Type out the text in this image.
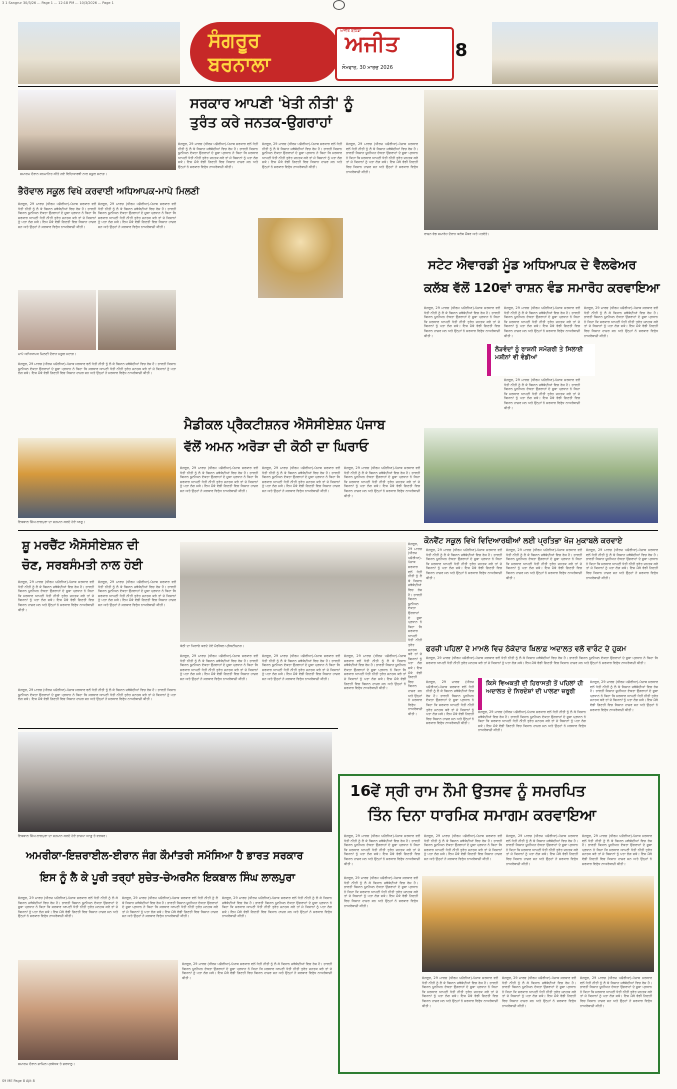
3 1 Sangrur 30/3/26 ... Page 1 ... 12:18 PM ... 10/3/2026 ... Page 1
ਸੰਗਰੂਰ
ਬਰਨਾਲਾ
ਅਜੀਤ ਬਠਿੰਡਾ
ਅਜੀਤ
ਸੋਮਵਾਰ, 30 ਮਾਰਚ 2026
8
ਸਮਾਗਮ ਦੌਰਾਨ ਸਨਮਾਨਿਤ ਕੀਤੇ ਗਏ ਵਿਦਿਆਰਥੀ ਨਾਲ ਸਕੂਲ ਸਟਾਫ਼।
ਸਰਕਾਰ ਆਪਣੀ 'ਖੇਤੀ ਨੀਤੀ' ਨੂੰ
ਤੁਰੰਤ ਕਰੇ ਜਨਤਕ-ਉਗਰਾਹਾਂ
ਸੰਗਰੂਰ, 29 ਮਾਰਚ (ਧੀਰਜ ਪਸ਼ੌਰੀਆ)-ਪੰਜਾਬ ਸਰਕਾਰ ਵਲੋਂ ਖੇਤੀ ਨੀਤੀ ਨੂੰ ਲੈ ਕੇ ਕਿਸਾਨ ਜਥੇਬੰਦੀਆਂ ਵਿਚ ਰੋਸ ਹੈ। ਭਾਰਤੀ ਕਿਸਾਨ ਯੂਨੀਅਨ ਏਕਤਾ ਉਗਰਾਹਾਂ ਦੇ ਸੂਬਾ ਪ੍ਰਧਾਨ ਨੇ ਕਿਹਾ ਕਿ ਸਰਕਾਰ ਆਪਣੀ ਖੇਤੀ ਨੀਤੀ ਤੁਰੰਤ ਜਨਤਕ ਕਰੇ ਤਾਂ ਜੋ ਕਿਸਾਨਾਂ ਨੂੰ ਪਤਾ ਲੱਗ ਸਕੇ। ਇਸ ਮੌਕੇ ਵੱਡੀ ਗਿਣਤੀ ਵਿਚ ਕਿਸਾਨ ਹਾਜ਼ਰ ਸਨ ਅਤੇ ਉਨ੍ਹਾਂ ਨੇ ਸਰਕਾਰ ਵਿਰੁੱਧ ਨਾਅਰੇਬਾਜ਼ੀ ਕੀਤੀ।
ਸੰਗਰੂਰ, 29 ਮਾਰਚ (ਧੀਰਜ ਪਸ਼ੌਰੀਆ)-ਪੰਜਾਬ ਸਰਕਾਰ ਵਲੋਂ ਖੇਤੀ ਨੀਤੀ ਨੂੰ ਲੈ ਕੇ ਕਿਸਾਨ ਜਥੇਬੰਦੀਆਂ ਵਿਚ ਰੋਸ ਹੈ। ਭਾਰਤੀ ਕਿਸਾਨ ਯੂਨੀਅਨ ਏਕਤਾ ਉਗਰਾਹਾਂ ਦੇ ਸੂਬਾ ਪ੍ਰਧਾਨ ਨੇ ਕਿਹਾ ਕਿ ਸਰਕਾਰ ਆਪਣੀ ਖੇਤੀ ਨੀਤੀ ਤੁਰੰਤ ਜਨਤਕ ਕਰੇ ਤਾਂ ਜੋ ਕਿਸਾਨਾਂ ਨੂੰ ਪਤਾ ਲੱਗ ਸਕੇ। ਇਸ ਮੌਕੇ ਵੱਡੀ ਗਿਣਤੀ ਵਿਚ ਕਿਸਾਨ ਹਾਜ਼ਰ ਸਨ ਅਤੇ ਉਨ੍ਹਾਂ ਨੇ ਸਰਕਾਰ ਵਿਰੁੱਧ ਨਾਅਰੇਬਾਜ਼ੀ ਕੀਤੀ।
ਸੰਗਰੂਰ, 29 ਮਾਰਚ (ਧੀਰਜ ਪਸ਼ੌਰੀਆ)-ਪੰਜਾਬ ਸਰਕਾਰ ਵਲੋਂ ਖੇਤੀ ਨੀਤੀ ਨੂੰ ਲੈ ਕੇ ਕਿਸਾਨ ਜਥੇਬੰਦੀਆਂ ਵਿਚ ਰੋਸ ਹੈ। ਭਾਰਤੀ ਕਿਸਾਨ ਯੂਨੀਅਨ ਏਕਤਾ ਉਗਰਾਹਾਂ ਦੇ ਸੂਬਾ ਪ੍ਰਧਾਨ ਨੇ ਕਿਹਾ ਕਿ ਸਰਕਾਰ ਆਪਣੀ ਖੇਤੀ ਨੀਤੀ ਤੁਰੰਤ ਜਨਤਕ ਕਰੇ ਤਾਂ ਜੋ ਕਿਸਾਨਾਂ ਨੂੰ ਪਤਾ ਲੱਗ ਸਕੇ। ਇਸ ਮੌਕੇ ਵੱਡੀ ਗਿਣਤੀ ਵਿਚ ਕਿਸਾਨ ਹਾਜ਼ਰ ਸਨ ਅਤੇ ਉਨ੍ਹਾਂ ਨੇ ਸਰਕਾਰ ਵਿਰੁੱਧ ਨਾਅਰੇਬਾਜ਼ੀ ਕੀਤੀ।
ਭੈਰੋਵਾਲ ਸਕੂਲ ਵਿਖੇ ਕਰਵਾਈ ਅਧਿਆਪਕ-ਮਾਪੇ ਮਿਲਣੀ
ਸੰਗਰੂਰ, 29 ਮਾਰਚ (ਧੀਰਜ ਪਸ਼ੌਰੀਆ)-ਪੰਜਾਬ ਸਰਕਾਰ ਵਲੋਂ ਖੇਤੀ ਨੀਤੀ ਨੂੰ ਲੈ ਕੇ ਕਿਸਾਨ ਜਥੇਬੰਦੀਆਂ ਵਿਚ ਰੋਸ ਹੈ। ਭਾਰਤੀ ਕਿਸਾਨ ਯੂਨੀਅਨ ਏਕਤਾ ਉਗਰਾਹਾਂ ਦੇ ਸੂਬਾ ਪ੍ਰਧਾਨ ਨੇ ਕਿਹਾ ਕਿ ਸਰਕਾਰ ਆਪਣੀ ਖੇਤੀ ਨੀਤੀ ਤੁਰੰਤ ਜਨਤਕ ਕਰੇ ਤਾਂ ਜੋ ਕਿਸਾਨਾਂ ਨੂੰ ਪਤਾ ਲੱਗ ਸਕੇ। ਇਸ ਮੌਕੇ ਵੱਡੀ ਗਿਣਤੀ ਵਿਚ ਕਿਸਾਨ ਹਾਜ਼ਰ ਸਨ ਅਤੇ ਉਨ੍ਹਾਂ ਨੇ ਸਰਕਾਰ ਵਿਰੁੱਧ ਨਾਅਰੇਬਾਜ਼ੀ ਕੀਤੀ।
ਸੰਗਰੂਰ, 29 ਮਾਰਚ (ਧੀਰਜ ਪਸ਼ੌਰੀਆ)-ਪੰਜਾਬ ਸਰਕਾਰ ਵਲੋਂ ਖੇਤੀ ਨੀਤੀ ਨੂੰ ਲੈ ਕੇ ਕਿਸਾਨ ਜਥੇਬੰਦੀਆਂ ਵਿਚ ਰੋਸ ਹੈ। ਭਾਰਤੀ ਕਿਸਾਨ ਯੂਨੀਅਨ ਏਕਤਾ ਉਗਰਾਹਾਂ ਦੇ ਸੂਬਾ ਪ੍ਰਧਾਨ ਨੇ ਕਿਹਾ ਕਿ ਸਰਕਾਰ ਆਪਣੀ ਖੇਤੀ ਨੀਤੀ ਤੁਰੰਤ ਜਨਤਕ ਕਰੇ ਤਾਂ ਜੋ ਕਿਸਾਨਾਂ ਨੂੰ ਪਤਾ ਲੱਗ ਸਕੇ। ਇਸ ਮੌਕੇ ਵੱਡੀ ਗਿਣਤੀ ਵਿਚ ਕਿਸਾਨ ਹਾਜ਼ਰ ਸਨ ਅਤੇ ਉਨ੍ਹਾਂ ਨੇ ਸਰਕਾਰ ਵਿਰੁੱਧ ਨਾਅਰੇਬਾਜ਼ੀ ਕੀਤੀ।
ਮਾਪੇ ਅਧਿਆਪਕ ਮਿਲਣੀ ਦੌਰਾਨ ਸਕੂਲ ਸਟਾਫ਼।
ਸੰਗਰੂਰ, 29 ਮਾਰਚ (ਧੀਰਜ ਪਸ਼ੌਰੀਆ)-ਪੰਜਾਬ ਸਰਕਾਰ ਵਲੋਂ ਖੇਤੀ ਨੀਤੀ ਨੂੰ ਲੈ ਕੇ ਕਿਸਾਨ ਜਥੇਬੰਦੀਆਂ ਵਿਚ ਰੋਸ ਹੈ। ਭਾਰਤੀ ਕਿਸਾਨ ਯੂਨੀਅਨ ਏਕਤਾ ਉਗਰਾਹਾਂ ਦੇ ਸੂਬਾ ਪ੍ਰਧਾਨ ਨੇ ਕਿਹਾ ਕਿ ਸਰਕਾਰ ਆਪਣੀ ਖੇਤੀ ਨੀਤੀ ਤੁਰੰਤ ਜਨਤਕ ਕਰੇ ਤਾਂ ਜੋ ਕਿਸਾਨਾਂ ਨੂੰ ਪਤਾ ਲੱਗ ਸਕੇ। ਇਸ ਮੌਕੇ ਵੱਡੀ ਗਿਣਤੀ ਵਿਚ ਕਿਸਾਨ ਹਾਜ਼ਰ ਸਨ ਅਤੇ ਉਨ੍ਹਾਂ ਨੇ ਸਰਕਾਰ ਵਿਰੁੱਧ ਨਾਅਰੇਬਾਜ਼ੀ ਕੀਤੀ।
ਇਕਬਾਲ ਸਿੰਘ ਲਾਲਪੁਰਾ ਦਾ ਸਨਮਾਨ ਕਰਦੇ ਹੋਏ ਆਗੂ।
ਰਾਸ਼ਨ ਵੰਡ ਸਮਾਰੋਹ ਦੌਰਾਨ ਕਲੱਬ ਮੈਂਬਰ ਅਤੇ ਪਤਵੰਤੇ।
ਸਟੇਟ ਐਵਾਰਡੀ ਮੂੰਡ ਅਧਿਆਪਕ ਦੇ ਵੈਲਫੇਅਰ
ਕਲੱਬ ਵੱਲੋਂ 120ਵਾਂ ਰਾਸ਼ਨ ਵੰਡ ਸਮਾਰੋਹ ਕਰਵਾਇਆ
ਸੰਗਰੂਰ, 29 ਮਾਰਚ (ਧੀਰਜ ਪਸ਼ੌਰੀਆ)-ਪੰਜਾਬ ਸਰਕਾਰ ਵਲੋਂ ਖੇਤੀ ਨੀਤੀ ਨੂੰ ਲੈ ਕੇ ਕਿਸਾਨ ਜਥੇਬੰਦੀਆਂ ਵਿਚ ਰੋਸ ਹੈ। ਭਾਰਤੀ ਕਿਸਾਨ ਯੂਨੀਅਨ ਏਕਤਾ ਉਗਰਾਹਾਂ ਦੇ ਸੂਬਾ ਪ੍ਰਧਾਨ ਨੇ ਕਿਹਾ ਕਿ ਸਰਕਾਰ ਆਪਣੀ ਖੇਤੀ ਨੀਤੀ ਤੁਰੰਤ ਜਨਤਕ ਕਰੇ ਤਾਂ ਜੋ ਕਿਸਾਨਾਂ ਨੂੰ ਪਤਾ ਲੱਗ ਸਕੇ। ਇਸ ਮੌਕੇ ਵੱਡੀ ਗਿਣਤੀ ਵਿਚ ਕਿਸਾਨ ਹਾਜ਼ਰ ਸਨ ਅਤੇ ਉਨ੍ਹਾਂ ਨੇ ਸਰਕਾਰ ਵਿਰੁੱਧ ਨਾਅਰੇਬਾਜ਼ੀ ਕੀਤੀ।
ਲੋੜਵੰਦਾਂ ਨੂੰ ਰਾਸ਼ਨੀ ਸਮੱਗਰੀ ਤੇ ਸਿਲਾਈ ਮਸ਼ੀਨਾਂ ਵੀ ਵੰਡੀਆਂ
ਸੰਗਰੂਰ, 29 ਮਾਰਚ (ਧੀਰਜ ਪਸ਼ੌਰੀਆ)-ਪੰਜਾਬ ਸਰਕਾਰ ਵਲੋਂ ਖੇਤੀ ਨੀਤੀ ਨੂੰ ਲੈ ਕੇ ਕਿਸਾਨ ਜਥੇਬੰਦੀਆਂ ਵਿਚ ਰੋਸ ਹੈ। ਭਾਰਤੀ ਕਿਸਾਨ ਯੂਨੀਅਨ ਏਕਤਾ ਉਗਰਾਹਾਂ ਦੇ ਸੂਬਾ ਪ੍ਰਧਾਨ ਨੇ ਕਿਹਾ ਕਿ ਸਰਕਾਰ ਆਪਣੀ ਖੇਤੀ ਨੀਤੀ ਤੁਰੰਤ ਜਨਤਕ ਕਰੇ ਤਾਂ ਜੋ ਕਿਸਾਨਾਂ ਨੂੰ ਪਤਾ ਲੱਗ ਸਕੇ। ਇਸ ਮੌਕੇ ਵੱਡੀ ਗਿਣਤੀ ਵਿਚ ਕਿਸਾਨ ਹਾਜ਼ਰ ਸਨ ਅਤੇ ਉਨ੍ਹਾਂ ਨੇ ਸਰਕਾਰ ਵਿਰੁੱਧ ਨਾਅਰੇਬਾਜ਼ੀ ਕੀਤੀ।
ਸੰਗਰੂਰ, 29 ਮਾਰਚ (ਧੀਰਜ ਪਸ਼ੌਰੀਆ)-ਪੰਜਾਬ ਸਰਕਾਰ ਵਲੋਂ ਖੇਤੀ ਨੀਤੀ ਨੂੰ ਲੈ ਕੇ ਕਿਸਾਨ ਜਥੇਬੰਦੀਆਂ ਵਿਚ ਰੋਸ ਹੈ। ਭਾਰਤੀ ਕਿਸਾਨ ਯੂਨੀਅਨ ਏਕਤਾ ਉਗਰਾਹਾਂ ਦੇ ਸੂਬਾ ਪ੍ਰਧਾਨ ਨੇ ਕਿਹਾ ਕਿ ਸਰਕਾਰ ਆਪਣੀ ਖੇਤੀ ਨੀਤੀ ਤੁਰੰਤ ਜਨਤਕ ਕਰੇ ਤਾਂ ਜੋ ਕਿਸਾਨਾਂ ਨੂੰ ਪਤਾ ਲੱਗ ਸਕੇ। ਇਸ ਮੌਕੇ ਵੱਡੀ ਗਿਣਤੀ ਵਿਚ ਕਿਸਾਨ ਹਾਜ਼ਰ ਸਨ ਅਤੇ ਉਨ੍ਹਾਂ ਨੇ ਸਰਕਾਰ ਵਿਰੁੱਧ ਨਾਅਰੇਬਾਜ਼ੀ ਕੀਤੀ।
ਸੰਗਰੂਰ, 29 ਮਾਰਚ (ਧੀਰਜ ਪਸ਼ੌਰੀਆ)-ਪੰਜਾਬ ਸਰਕਾਰ ਵਲੋਂ ਖੇਤੀ ਨੀਤੀ ਨੂੰ ਲੈ ਕੇ ਕਿਸਾਨ ਜਥੇਬੰਦੀਆਂ ਵਿਚ ਰੋਸ ਹੈ। ਭਾਰਤੀ ਕਿਸਾਨ ਯੂਨੀਅਨ ਏਕਤਾ ਉਗਰਾਹਾਂ ਦੇ ਸੂਬਾ ਪ੍ਰਧਾਨ ਨੇ ਕਿਹਾ ਕਿ ਸਰਕਾਰ ਆਪਣੀ ਖੇਤੀ ਨੀਤੀ ਤੁਰੰਤ ਜਨਤਕ ਕਰੇ ਤਾਂ ਜੋ ਕਿਸਾਨਾਂ ਨੂੰ ਪਤਾ ਲੱਗ ਸਕੇ। ਇਸ ਮੌਕੇ ਵੱਡੀ ਗਿਣਤੀ ਵਿਚ ਕਿਸਾਨ ਹਾਜ਼ਰ ਸਨ ਅਤੇ ਉਨ੍ਹਾਂ ਨੇ ਸਰਕਾਰ ਵਿਰੁੱਧ ਨਾਅਰੇਬਾਜ਼ੀ ਕੀਤੀ।
ਮੈਡੀਕਲ ਪ੍ਰੈਕਟੀਸ਼ਨਰ ਐਸੋਸੀਏਸ਼ਨ ਪੰਜਾਬ
ਵੱਲੋਂ ਅਮਨ ਅਰੋੜਾ ਦੀ ਕੋਠੀ ਦਾ ਘਿਰਾਓ
ਸੰਗਰੂਰ, 29 ਮਾਰਚ (ਧੀਰਜ ਪਸ਼ੌਰੀਆ)-ਪੰਜਾਬ ਸਰਕਾਰ ਵਲੋਂ ਖੇਤੀ ਨੀਤੀ ਨੂੰ ਲੈ ਕੇ ਕਿਸਾਨ ਜਥੇਬੰਦੀਆਂ ਵਿਚ ਰੋਸ ਹੈ। ਭਾਰਤੀ ਕਿਸਾਨ ਯੂਨੀਅਨ ਏਕਤਾ ਉਗਰਾਹਾਂ ਦੇ ਸੂਬਾ ਪ੍ਰਧਾਨ ਨੇ ਕਿਹਾ ਕਿ ਸਰਕਾਰ ਆਪਣੀ ਖੇਤੀ ਨੀਤੀ ਤੁਰੰਤ ਜਨਤਕ ਕਰੇ ਤਾਂ ਜੋ ਕਿਸਾਨਾਂ ਨੂੰ ਪਤਾ ਲੱਗ ਸਕੇ। ਇਸ ਮੌਕੇ ਵੱਡੀ ਗਿਣਤੀ ਵਿਚ ਕਿਸਾਨ ਹਾਜ਼ਰ ਸਨ ਅਤੇ ਉਨ੍ਹਾਂ ਨੇ ਸਰਕਾਰ ਵਿਰੁੱਧ ਨਾਅਰੇਬਾਜ਼ੀ ਕੀਤੀ।
ਸੰਗਰੂਰ, 29 ਮਾਰਚ (ਧੀਰਜ ਪਸ਼ੌਰੀਆ)-ਪੰਜਾਬ ਸਰਕਾਰ ਵਲੋਂ ਖੇਤੀ ਨੀਤੀ ਨੂੰ ਲੈ ਕੇ ਕਿਸਾਨ ਜਥੇਬੰਦੀਆਂ ਵਿਚ ਰੋਸ ਹੈ। ਭਾਰਤੀ ਕਿਸਾਨ ਯੂਨੀਅਨ ਏਕਤਾ ਉਗਰਾਹਾਂ ਦੇ ਸੂਬਾ ਪ੍ਰਧਾਨ ਨੇ ਕਿਹਾ ਕਿ ਸਰਕਾਰ ਆਪਣੀ ਖੇਤੀ ਨੀਤੀ ਤੁਰੰਤ ਜਨਤਕ ਕਰੇ ਤਾਂ ਜੋ ਕਿਸਾਨਾਂ ਨੂੰ ਪਤਾ ਲੱਗ ਸਕੇ। ਇਸ ਮੌਕੇ ਵੱਡੀ ਗਿਣਤੀ ਵਿਚ ਕਿਸਾਨ ਹਾਜ਼ਰ ਸਨ ਅਤੇ ਉਨ੍ਹਾਂ ਨੇ ਸਰਕਾਰ ਵਿਰੁੱਧ ਨਾਅਰੇਬਾਜ਼ੀ ਕੀਤੀ।
ਸੰਗਰੂਰ, 29 ਮਾਰਚ (ਧੀਰਜ ਪਸ਼ੌਰੀਆ)-ਪੰਜਾਬ ਸਰਕਾਰ ਵਲੋਂ ਖੇਤੀ ਨੀਤੀ ਨੂੰ ਲੈ ਕੇ ਕਿਸਾਨ ਜਥੇਬੰਦੀਆਂ ਵਿਚ ਰੋਸ ਹੈ। ਭਾਰਤੀ ਕਿਸਾਨ ਯੂਨੀਅਨ ਏਕਤਾ ਉਗਰਾਹਾਂ ਦੇ ਸੂਬਾ ਪ੍ਰਧਾਨ ਨੇ ਕਿਹਾ ਕਿ ਸਰਕਾਰ ਆਪਣੀ ਖੇਤੀ ਨੀਤੀ ਤੁਰੰਤ ਜਨਤਕ ਕਰੇ ਤਾਂ ਜੋ ਕਿਸਾਨਾਂ ਨੂੰ ਪਤਾ ਲੱਗ ਸਕੇ। ਇਸ ਮੌਕੇ ਵੱਡੀ ਗਿਣਤੀ ਵਿਚ ਕਿਸਾਨ ਹਾਜ਼ਰ ਸਨ ਅਤੇ ਉਨ੍ਹਾਂ ਨੇ ਸਰਕਾਰ ਵਿਰੁੱਧ ਨਾਅਰੇਬਾਜ਼ੀ ਕੀਤੀ।
ਕੌਨਵੈਂਟ ਸਕੂਲ ਵਿਖੇ ਵਿਦਿਆਰਥੀਆਂ ਲਈ ਪ੍ਰਤਿਭਾ ਖੋਜ ਮੁਕਾਬਲੇ ਕਰਵਾਏ
ਸ਼ੂ ਮਰਚੈਂਟ ਐਸੋਸੀਏਸ਼ਨ ਦੀ
ਚੋਣ, ਸਰਬਸੰਮਤੀ ਨਾਲ ਹੋਈ
ਸੰਗਰੂਰ, 29 ਮਾਰਚ (ਧੀਰਜ ਪਸ਼ੌਰੀਆ)-ਪੰਜਾਬ ਸਰਕਾਰ ਵਲੋਂ ਖੇਤੀ ਨੀਤੀ ਨੂੰ ਲੈ ਕੇ ਕਿਸਾਨ ਜਥੇਬੰਦੀਆਂ ਵਿਚ ਰੋਸ ਹੈ। ਭਾਰਤੀ ਕਿਸਾਨ ਯੂਨੀਅਨ ਏਕਤਾ ਉਗਰਾਹਾਂ ਦੇ ਸੂਬਾ ਪ੍ਰਧਾਨ ਨੇ ਕਿਹਾ ਕਿ ਸਰਕਾਰ ਆਪਣੀ ਖੇਤੀ ਨੀਤੀ ਤੁਰੰਤ ਜਨਤਕ ਕਰੇ ਤਾਂ ਜੋ ਕਿਸਾਨਾਂ ਨੂੰ ਪਤਾ ਲੱਗ ਸਕੇ। ਇਸ ਮੌਕੇ ਵੱਡੀ ਗਿਣਤੀ ਵਿਚ ਕਿਸਾਨ ਹਾਜ਼ਰ ਸਨ ਅਤੇ ਉਨ੍ਹਾਂ ਨੇ ਸਰਕਾਰ ਵਿਰੁੱਧ ਨਾਅਰੇਬਾਜ਼ੀ ਕੀਤੀ।
ਸੰਗਰੂਰ, 29 ਮਾਰਚ (ਧੀਰਜ ਪਸ਼ੌਰੀਆ)-ਪੰਜਾਬ ਸਰਕਾਰ ਵਲੋਂ ਖੇਤੀ ਨੀਤੀ ਨੂੰ ਲੈ ਕੇ ਕਿਸਾਨ ਜਥੇਬੰਦੀਆਂ ਵਿਚ ਰੋਸ ਹੈ। ਭਾਰਤੀ ਕਿਸਾਨ ਯੂਨੀਅਨ ਏਕਤਾ ਉਗਰਾਹਾਂ ਦੇ ਸੂਬਾ ਪ੍ਰਧਾਨ ਨੇ ਕਿਹਾ ਕਿ ਸਰਕਾਰ ਆਪਣੀ ਖੇਤੀ ਨੀਤੀ ਤੁਰੰਤ ਜਨਤਕ ਕਰੇ ਤਾਂ ਜੋ ਕਿਸਾਨਾਂ ਨੂੰ ਪਤਾ ਲੱਗ ਸਕੇ। ਇਸ ਮੌਕੇ ਵੱਡੀ ਗਿਣਤੀ ਵਿਚ ਕਿਸਾਨ ਹਾਜ਼ਰ ਸਨ ਅਤੇ ਉਨ੍ਹਾਂ ਨੇ ਸਰਕਾਰ ਵਿਰੁੱਧ ਨਾਅਰੇਬਾਜ਼ੀ ਕੀਤੀ।
ਸੰਗਰੂਰ, 29 ਮਾਰਚ (ਧੀਰਜ ਪਸ਼ੌਰੀਆ)-ਪੰਜਾਬ ਸਰਕਾਰ ਵਲੋਂ ਖੇਤੀ ਨੀਤੀ ਨੂੰ ਲੈ ਕੇ ਕਿਸਾਨ ਜਥੇਬੰਦੀਆਂ ਵਿਚ ਰੋਸ ਹੈ। ਭਾਰਤੀ ਕਿਸਾਨ ਯੂਨੀਅਨ ਏਕਤਾ ਉਗਰਾਹਾਂ ਦੇ ਸੂਬਾ ਪ੍ਰਧਾਨ ਨੇ ਕਿਹਾ ਕਿ ਸਰਕਾਰ ਆਪਣੀ ਖੇਤੀ ਨੀਤੀ ਤੁਰੰਤ ਜਨਤਕ ਕਰੇ ਤਾਂ ਜੋ ਕਿਸਾਨਾਂ ਨੂੰ ਪਤਾ ਲੱਗ ਸਕੇ। ਇਸ ਮੌਕੇ ਵੱਡੀ ਗਿਣਤੀ ਵਿਚ ਕਿਸਾਨ ਹਾਜ਼ਰ ਸਨ ਅਤੇ ਉਨ੍ਹਾਂ ਨੇ ਸਰਕਾਰ ਵਿਰੁੱਧ ਨਾਅਰੇਬਾਜ਼ੀ ਕੀਤੀ।
ਕੋਠੀ ਦਾ ਘਿਰਾਓ ਕਰਦੇ ਹੋਏ ਮੈਡੀਕਲ ਪ੍ਰੈਕਟੀਸ਼ਨਰ।
ਸੰਗਰੂਰ, 29 ਮਾਰਚ (ਧੀਰਜ ਪਸ਼ੌਰੀਆ)-ਪੰਜਾਬ ਸਰਕਾਰ ਵਲੋਂ ਖੇਤੀ ਨੀਤੀ ਨੂੰ ਲੈ ਕੇ ਕਿਸਾਨ ਜਥੇਬੰਦੀਆਂ ਵਿਚ ਰੋਸ ਹੈ। ਭਾਰਤੀ ਕਿਸਾਨ ਯੂਨੀਅਨ ਏਕਤਾ ਉਗਰਾਹਾਂ ਦੇ ਸੂਬਾ ਪ੍ਰਧਾਨ ਨੇ ਕਿਹਾ ਕਿ ਸਰਕਾਰ ਆਪਣੀ ਖੇਤੀ ਨੀਤੀ ਤੁਰੰਤ ਜਨਤਕ ਕਰੇ ਤਾਂ ਜੋ ਕਿਸਾਨਾਂ ਨੂੰ ਪਤਾ ਲੱਗ ਸਕੇ। ਇਸ ਮੌਕੇ ਵੱਡੀ ਗਿਣਤੀ ਵਿਚ ਕਿਸਾਨ ਹਾਜ਼ਰ ਸਨ ਅਤੇ ਉਨ੍ਹਾਂ ਨੇ ਸਰਕਾਰ ਵਿਰੁੱਧ ਨਾਅਰੇਬਾਜ਼ੀ ਕੀਤੀ।
ਸੰਗਰੂਰ, 29 ਮਾਰਚ (ਧੀਰਜ ਪਸ਼ੌਰੀਆ)-ਪੰਜਾਬ ਸਰਕਾਰ ਵਲੋਂ ਖੇਤੀ ਨੀਤੀ ਨੂੰ ਲੈ ਕੇ ਕਿਸਾਨ ਜਥੇਬੰਦੀਆਂ ਵਿਚ ਰੋਸ ਹੈ। ਭਾਰਤੀ ਕਿਸਾਨ ਯੂਨੀਅਨ ਏਕਤਾ ਉਗਰਾਹਾਂ ਦੇ ਸੂਬਾ ਪ੍ਰਧਾਨ ਨੇ ਕਿਹਾ ਕਿ ਸਰਕਾਰ ਆਪਣੀ ਖੇਤੀ ਨੀਤੀ ਤੁਰੰਤ ਜਨਤਕ ਕਰੇ ਤਾਂ ਜੋ ਕਿਸਾਨਾਂ ਨੂੰ ਪਤਾ ਲੱਗ ਸਕੇ। ਇਸ ਮੌਕੇ ਵੱਡੀ ਗਿਣਤੀ ਵਿਚ ਕਿਸਾਨ ਹਾਜ਼ਰ ਸਨ ਅਤੇ ਉਨ੍ਹਾਂ ਨੇ ਸਰਕਾਰ ਵਿਰੁੱਧ ਨਾਅਰੇਬਾਜ਼ੀ ਕੀਤੀ।
ਸੰਗਰੂਰ, 29 ਮਾਰਚ (ਧੀਰਜ ਪਸ਼ੌਰੀਆ)-ਪੰਜਾਬ ਸਰਕਾਰ ਵਲੋਂ ਖੇਤੀ ਨੀਤੀ ਨੂੰ ਲੈ ਕੇ ਕਿਸਾਨ ਜਥੇਬੰਦੀਆਂ ਵਿਚ ਰੋਸ ਹੈ। ਭਾਰਤੀ ਕਿਸਾਨ ਯੂਨੀਅਨ ਏਕਤਾ ਉਗਰਾਹਾਂ ਦੇ ਸੂਬਾ ਪ੍ਰਧਾਨ ਨੇ ਕਿਹਾ ਕਿ ਸਰਕਾਰ ਆਪਣੀ ਖੇਤੀ ਨੀਤੀ ਤੁਰੰਤ ਜਨਤਕ ਕਰੇ ਤਾਂ ਜੋ ਕਿਸਾਨਾਂ ਨੂੰ ਪਤਾ ਲੱਗ ਸਕੇ। ਇਸ ਮੌਕੇ ਵੱਡੀ ਗਿਣਤੀ ਵਿਚ ਕਿਸਾਨ ਹਾਜ਼ਰ ਸਨ ਅਤੇ ਉਨ੍ਹਾਂ ਨੇ ਸਰਕਾਰ ਵਿਰੁੱਧ ਨਾਅਰੇਬਾਜ਼ੀ ਕੀਤੀ।
ਸੰਗਰੂਰ, 29 ਮਾਰਚ (ਧੀਰਜ ਪਸ਼ੌਰੀਆ)-ਪੰਜਾਬ ਸਰਕਾਰ ਵਲੋਂ ਖੇਤੀ ਨੀਤੀ ਨੂੰ ਲੈ ਕੇ ਕਿਸਾਨ ਜਥੇਬੰਦੀਆਂ ਵਿਚ ਰੋਸ ਹੈ। ਭਾਰਤੀ ਕਿਸਾਨ ਯੂਨੀਅਨ ਏਕਤਾ ਉਗਰਾਹਾਂ ਦੇ ਸੂਬਾ ਪ੍ਰਧਾਨ ਨੇ ਕਿਹਾ ਕਿ ਸਰਕਾਰ ਆਪਣੀ ਖੇਤੀ ਨੀਤੀ ਤੁਰੰਤ ਜਨਤਕ ਕਰੇ ਤਾਂ ਜੋ ਕਿਸਾਨਾਂ ਨੂੰ ਪਤਾ ਲੱਗ ਸਕੇ। ਇਸ ਮੌਕੇ ਵੱਡੀ ਗਿਣਤੀ ਵਿਚ ਕਿਸਾਨ ਹਾਜ਼ਰ ਸਨ ਅਤੇ ਉਨ੍ਹਾਂ ਨੇ ਸਰਕਾਰ ਵਿਰੁੱਧ ਨਾਅਰੇਬਾਜ਼ੀ ਕੀਤੀ।
ਸੰਗਰੂਰ, 29 ਮਾਰਚ (ਧੀਰਜ ਪਸ਼ੌਰੀਆ)-ਪੰਜਾਬ ਸਰਕਾਰ ਵਲੋਂ ਖੇਤੀ ਨੀਤੀ ਨੂੰ ਲੈ ਕੇ ਕਿਸਾਨ ਜਥੇਬੰਦੀਆਂ ਵਿਚ ਰੋਸ ਹੈ। ਭਾਰਤੀ ਕਿਸਾਨ ਯੂਨੀਅਨ ਏਕਤਾ ਉਗਰਾਹਾਂ ਦੇ ਸੂਬਾ ਪ੍ਰਧਾਨ ਨੇ ਕਿਹਾ ਕਿ ਸਰਕਾਰ ਆਪਣੀ ਖੇਤੀ ਨੀਤੀ ਤੁਰੰਤ ਜਨਤਕ ਕਰੇ ਤਾਂ ਜੋ ਕਿਸਾਨਾਂ ਨੂੰ ਪਤਾ ਲੱਗ ਸਕੇ। ਇਸ ਮੌਕੇ ਵੱਡੀ ਗਿਣਤੀ ਵਿਚ ਕਿਸਾਨ ਹਾਜ਼ਰ ਸਨ ਅਤੇ ਉਨ੍ਹਾਂ ਨੇ ਸਰਕਾਰ ਵਿਰੁੱਧ ਨਾਅਰੇਬਾਜ਼ੀ ਕੀਤੀ।
ਸੰਗਰੂਰ, 29 ਮਾਰਚ (ਧੀਰਜ ਪਸ਼ੌਰੀਆ)-ਪੰਜਾਬ ਸਰਕਾਰ ਵਲੋਂ ਖੇਤੀ ਨੀਤੀ ਨੂੰ ਲੈ ਕੇ ਕਿਸਾਨ ਜਥੇਬੰਦੀਆਂ ਵਿਚ ਰੋਸ ਹੈ। ਭਾਰਤੀ ਕਿਸਾਨ ਯੂਨੀਅਨ ਏਕਤਾ ਉਗਰਾਹਾਂ ਦੇ ਸੂਬਾ ਪ੍ਰਧਾਨ ਨੇ ਕਿਹਾ ਕਿ ਸਰਕਾਰ ਆਪਣੀ ਖੇਤੀ ਨੀਤੀ ਤੁਰੰਤ ਜਨਤਕ ਕਰੇ ਤਾਂ ਜੋ ਕਿਸਾਨਾਂ ਨੂੰ ਪਤਾ ਲੱਗ ਸਕੇ। ਇਸ ਮੌਕੇ ਵੱਡੀ ਗਿਣਤੀ ਵਿਚ ਕਿਸਾਨ ਹਾਜ਼ਰ ਸਨ ਅਤੇ ਉਨ੍ਹਾਂ ਨੇ ਸਰਕਾਰ ਵਿਰੁੱਧ ਨਾਅਰੇਬਾਜ਼ੀ ਕੀਤੀ।
ਸੰਗਰੂਰ, 29 ਮਾਰਚ (ਧੀਰਜ ਪਸ਼ੌਰੀਆ)-ਪੰਜਾਬ ਸਰਕਾਰ ਵਲੋਂ ਖੇਤੀ ਨੀਤੀ ਨੂੰ ਲੈ ਕੇ ਕਿਸਾਨ ਜਥੇਬੰਦੀਆਂ ਵਿਚ ਰੋਸ ਹੈ। ਭਾਰਤੀ ਕਿਸਾਨ ਯੂਨੀਅਨ ਏਕਤਾ ਉਗਰਾਹਾਂ ਦੇ ਸੂਬਾ ਪ੍ਰਧਾਨ ਨੇ ਕਿਹਾ ਕਿ ਸਰਕਾਰ ਆਪਣੀ ਖੇਤੀ ਨੀਤੀ ਤੁਰੰਤ ਜਨਤਕ ਕਰੇ ਤਾਂ ਜੋ ਕਿਸਾਨਾਂ ਨੂੰ ਪਤਾ ਲੱਗ ਸਕੇ। ਇਸ ਮੌਕੇ ਵੱਡੀ ਗਿਣਤੀ ਵਿਚ ਕਿਸਾਨ ਹਾਜ਼ਰ ਸਨ ਅਤੇ ਉਨ੍ਹਾਂ ਨੇ ਸਰਕਾਰ ਵਿਰੁੱਧ ਨਾਅਰੇਬਾਜ਼ੀ ਕੀਤੀ।
ਫਰਜ਼ੀ ਪਹਿਲਾਂ ਦੇ ਮਾਮਲੇ ਵਿਚ ਠੇਕੇਦਾਰ ਖ਼ਿਲਾਫ਼ ਅਦਾਲਤ ਵਲੋਂ ਵਾਰੰਟ ਦੇ ਹੁਕਮ
ਸੰਗਰੂਰ, 29 ਮਾਰਚ (ਧੀਰਜ ਪਸ਼ੌਰੀਆ)-ਪੰਜਾਬ ਸਰਕਾਰ ਵਲੋਂ ਖੇਤੀ ਨੀਤੀ ਨੂੰ ਲੈ ਕੇ ਕਿਸਾਨ ਜਥੇਬੰਦੀਆਂ ਵਿਚ ਰੋਸ ਹੈ। ਭਾਰਤੀ ਕਿਸਾਨ ਯੂਨੀਅਨ ਏਕਤਾ ਉਗਰਾਹਾਂ ਦੇ ਸੂਬਾ ਪ੍ਰਧਾਨ ਨੇ ਕਿਹਾ ਕਿ ਸਰਕਾਰ ਆਪਣੀ ਖੇਤੀ ਨੀਤੀ ਤੁਰੰਤ ਜਨਤਕ ਕਰੇ ਤਾਂ ਜੋ ਕਿਸਾਨਾਂ ਨੂੰ ਪਤਾ ਲੱਗ ਸਕੇ। ਇਸ ਮੌਕੇ ਵੱਡੀ ਗਿਣਤੀ ਵਿਚ ਕਿਸਾਨ ਹਾਜ਼ਰ ਸਨ ਅਤੇ ਉਨ੍ਹਾਂ ਨੇ ਸਰਕਾਰ ਵਿਰੁੱਧ ਨਾਅਰੇਬਾਜ਼ੀ ਕੀਤੀ।
ਕਿਸੇ ਵਿਅਕਤੀ ਦੀ ਹਿਰਾਸਤੀ ਤੋਂ ਪਹਿਲਾਂ ਹੀ ਅਦਾਲਤ ਦੇ ਨਿਰਦੇਸ਼ਾਂ ਦੀ ਪਾਲਣਾ ਜ਼ਰੂਰੀ
ਸੰਗਰੂਰ, 29 ਮਾਰਚ (ਧੀਰਜ ਪਸ਼ੌਰੀਆ)-ਪੰਜਾਬ ਸਰਕਾਰ ਵਲੋਂ ਖੇਤੀ ਨੀਤੀ ਨੂੰ ਲੈ ਕੇ ਕਿਸਾਨ ਜਥੇਬੰਦੀਆਂ ਵਿਚ ਰੋਸ ਹੈ। ਭਾਰਤੀ ਕਿਸਾਨ ਯੂਨੀਅਨ ਏਕਤਾ ਉਗਰਾਹਾਂ ਦੇ ਸੂਬਾ ਪ੍ਰਧਾਨ ਨੇ ਕਿਹਾ ਕਿ ਸਰਕਾਰ ਆਪਣੀ ਖੇਤੀ ਨੀਤੀ ਤੁਰੰਤ ਜਨਤਕ ਕਰੇ ਤਾਂ ਜੋ ਕਿਸਾਨਾਂ ਨੂੰ ਪਤਾ ਲੱਗ ਸਕੇ। ਇਸ ਮੌਕੇ ਵੱਡੀ ਗਿਣਤੀ ਵਿਚ ਕਿਸਾਨ ਹਾਜ਼ਰ ਸਨ ਅਤੇ ਉਨ੍ਹਾਂ ਨੇ ਸਰਕਾਰ ਵਿਰੁੱਧ ਨਾਅਰੇਬਾਜ਼ੀ ਕੀਤੀ।
ਸੰਗਰੂਰ, 29 ਮਾਰਚ (ਧੀਰਜ ਪਸ਼ੌਰੀਆ)-ਪੰਜਾਬ ਸਰਕਾਰ ਵਲੋਂ ਖੇਤੀ ਨੀਤੀ ਨੂੰ ਲੈ ਕੇ ਕਿਸਾਨ ਜਥੇਬੰਦੀਆਂ ਵਿਚ ਰੋਸ ਹੈ। ਭਾਰਤੀ ਕਿਸਾਨ ਯੂਨੀਅਨ ਏਕਤਾ ਉਗਰਾਹਾਂ ਦੇ ਸੂਬਾ ਪ੍ਰਧਾਨ ਨੇ ਕਿਹਾ ਕਿ ਸਰਕਾਰ ਆਪਣੀ ਖੇਤੀ ਨੀਤੀ ਤੁਰੰਤ ਜਨਤਕ ਕਰੇ ਤਾਂ ਜੋ ਕਿਸਾਨਾਂ ਨੂੰ ਪਤਾ ਲੱਗ ਸਕੇ। ਇਸ ਮੌਕੇ ਵੱਡੀ ਗਿਣਤੀ ਵਿਚ ਕਿਸਾਨ ਹਾਜ਼ਰ ਸਨ ਅਤੇ ਉਨ੍ਹਾਂ ਨੇ ਸਰਕਾਰ ਵਿਰੁੱਧ ਨਾਅਰੇਬਾਜ਼ੀ ਕੀਤੀ।
ਸੰਗਰੂਰ, 29 ਮਾਰਚ (ਧੀਰਜ ਪਸ਼ੌਰੀਆ)-ਪੰਜਾਬ ਸਰਕਾਰ ਵਲੋਂ ਖੇਤੀ ਨੀਤੀ ਨੂੰ ਲੈ ਕੇ ਕਿਸਾਨ ਜਥੇਬੰਦੀਆਂ ਵਿਚ ਰੋਸ ਹੈ। ਭਾਰਤੀ ਕਿਸਾਨ ਯੂਨੀਅਨ ਏਕਤਾ ਉਗਰਾਹਾਂ ਦੇ ਸੂਬਾ ਪ੍ਰਧਾਨ ਨੇ ਕਿਹਾ ਕਿ ਸਰਕਾਰ ਆਪਣੀ ਖੇਤੀ ਨੀਤੀ ਤੁਰੰਤ ਜਨਤਕ ਕਰੇ ਤਾਂ ਜੋ ਕਿਸਾਨਾਂ ਨੂੰ ਪਤਾ ਲੱਗ ਸਕੇ। ਇਸ ਮੌਕੇ ਵੱਡੀ ਗਿਣਤੀ ਵਿਚ ਕਿਸਾਨ ਹਾਜ਼ਰ ਸਨ ਅਤੇ ਉਨ੍ਹਾਂ ਨੇ ਸਰਕਾਰ ਵਿਰੁੱਧ ਨਾਅਰੇਬਾਜ਼ੀ ਕੀਤੀ।
ਇਕਬਾਲ ਸਿੰਘ ਲਾਲਪੁਰਾ ਦਾ ਸਨਮਾਨ ਕਰਦੇ ਹੋਏ ਭਾਜਪਾ ਆਗੂ ਤੇ ਵਰਕਰ।
ਅਮਰੀਕਾ-ਇਜ਼ਰਾਈਲ-ਈਰਾਨ ਜੰਗ ਕੌਮਾਂਤਰੀ ਸਮੱਸਿਆ ਹੈ ਭਾਰਤ ਸਰਕਾਰ
ਇਸ ਨੂੰ ਲੈ ਕੇ ਪੂਰੀ ਤਰ੍ਹਾਂ ਸੁਚੇਤ-ਚੇਅਰਮੈਨ ਇਕਬਾਲ ਸਿੰਘ ਲਾਲਪੁਰਾ
ਸੰਗਰੂਰ, 29 ਮਾਰਚ (ਧੀਰਜ ਪਸ਼ੌਰੀਆ)-ਪੰਜਾਬ ਸਰਕਾਰ ਵਲੋਂ ਖੇਤੀ ਨੀਤੀ ਨੂੰ ਲੈ ਕੇ ਕਿਸਾਨ ਜਥੇਬੰਦੀਆਂ ਵਿਚ ਰੋਸ ਹੈ। ਭਾਰਤੀ ਕਿਸਾਨ ਯੂਨੀਅਨ ਏਕਤਾ ਉਗਰਾਹਾਂ ਦੇ ਸੂਬਾ ਪ੍ਰਧਾਨ ਨੇ ਕਿਹਾ ਕਿ ਸਰਕਾਰ ਆਪਣੀ ਖੇਤੀ ਨੀਤੀ ਤੁਰੰਤ ਜਨਤਕ ਕਰੇ ਤਾਂ ਜੋ ਕਿਸਾਨਾਂ ਨੂੰ ਪਤਾ ਲੱਗ ਸਕੇ। ਇਸ ਮੌਕੇ ਵੱਡੀ ਗਿਣਤੀ ਵਿਚ ਕਿਸਾਨ ਹਾਜ਼ਰ ਸਨ ਅਤੇ ਉਨ੍ਹਾਂ ਨੇ ਸਰਕਾਰ ਵਿਰੁੱਧ ਨਾਅਰੇਬਾਜ਼ੀ ਕੀਤੀ।
ਸੰਗਰੂਰ, 29 ਮਾਰਚ (ਧੀਰਜ ਪਸ਼ੌਰੀਆ)-ਪੰਜਾਬ ਸਰਕਾਰ ਵਲੋਂ ਖੇਤੀ ਨੀਤੀ ਨੂੰ ਲੈ ਕੇ ਕਿਸਾਨ ਜਥੇਬੰਦੀਆਂ ਵਿਚ ਰੋਸ ਹੈ। ਭਾਰਤੀ ਕਿਸਾਨ ਯੂਨੀਅਨ ਏਕਤਾ ਉਗਰਾਹਾਂ ਦੇ ਸੂਬਾ ਪ੍ਰਧਾਨ ਨੇ ਕਿਹਾ ਕਿ ਸਰਕਾਰ ਆਪਣੀ ਖੇਤੀ ਨੀਤੀ ਤੁਰੰਤ ਜਨਤਕ ਕਰੇ ਤਾਂ ਜੋ ਕਿਸਾਨਾਂ ਨੂੰ ਪਤਾ ਲੱਗ ਸਕੇ। ਇਸ ਮੌਕੇ ਵੱਡੀ ਗਿਣਤੀ ਵਿਚ ਕਿਸਾਨ ਹਾਜ਼ਰ ਸਨ ਅਤੇ ਉਨ੍ਹਾਂ ਨੇ ਸਰਕਾਰ ਵਿਰੁੱਧ ਨਾਅਰੇਬਾਜ਼ੀ ਕੀਤੀ।
ਸੰਗਰੂਰ, 29 ਮਾਰਚ (ਧੀਰਜ ਪਸ਼ੌਰੀਆ)-ਪੰਜਾਬ ਸਰਕਾਰ ਵਲੋਂ ਖੇਤੀ ਨੀਤੀ ਨੂੰ ਲੈ ਕੇ ਕਿਸਾਨ ਜਥੇਬੰਦੀਆਂ ਵਿਚ ਰੋਸ ਹੈ। ਭਾਰਤੀ ਕਿਸਾਨ ਯੂਨੀਅਨ ਏਕਤਾ ਉਗਰਾਹਾਂ ਦੇ ਸੂਬਾ ਪ੍ਰਧਾਨ ਨੇ ਕਿਹਾ ਕਿ ਸਰਕਾਰ ਆਪਣੀ ਖੇਤੀ ਨੀਤੀ ਤੁਰੰਤ ਜਨਤਕ ਕਰੇ ਤਾਂ ਜੋ ਕਿਸਾਨਾਂ ਨੂੰ ਪਤਾ ਲੱਗ ਸਕੇ। ਇਸ ਮੌਕੇ ਵੱਡੀ ਗਿਣਤੀ ਵਿਚ ਕਿਸਾਨ ਹਾਜ਼ਰ ਸਨ ਅਤੇ ਉਨ੍ਹਾਂ ਨੇ ਸਰਕਾਰ ਵਿਰੁੱਧ ਨਾਅਰੇਬਾਜ਼ੀ ਕੀਤੀ।
ਸਮਾਗਮ ਦੌਰਾਨ ਸ਼ਾਮਿਲ ਪ੍ਰਬੰਧਕ ਤੇ ਸ਼ਰਧਾਲੂ।
ਸੰਗਰੂਰ, 29 ਮਾਰਚ (ਧੀਰਜ ਪਸ਼ੌਰੀਆ)-ਪੰਜਾਬ ਸਰਕਾਰ ਵਲੋਂ ਖੇਤੀ ਨੀਤੀ ਨੂੰ ਲੈ ਕੇ ਕਿਸਾਨ ਜਥੇਬੰਦੀਆਂ ਵਿਚ ਰੋਸ ਹੈ। ਭਾਰਤੀ ਕਿਸਾਨ ਯੂਨੀਅਨ ਏਕਤਾ ਉਗਰਾਹਾਂ ਦੇ ਸੂਬਾ ਪ੍ਰਧਾਨ ਨੇ ਕਿਹਾ ਕਿ ਸਰਕਾਰ ਆਪਣੀ ਖੇਤੀ ਨੀਤੀ ਤੁਰੰਤ ਜਨਤਕ ਕਰੇ ਤਾਂ ਜੋ ਕਿਸਾਨਾਂ ਨੂੰ ਪਤਾ ਲੱਗ ਸਕੇ। ਇਸ ਮੌਕੇ ਵੱਡੀ ਗਿਣਤੀ ਵਿਚ ਕਿਸਾਨ ਹਾਜ਼ਰ ਸਨ ਅਤੇ ਉਨ੍ਹਾਂ ਨੇ ਸਰਕਾਰ ਵਿਰੁੱਧ ਨਾਅਰੇਬਾਜ਼ੀ ਕੀਤੀ।
16ਵੇਂ ਸ੍ਰੀ ਰਾਮ ਨੌਮੀ ਉਤਸਵ ਨੂੰ ਸਮਰਪਿਤ
ਤਿੰਨ ਦਿਨਾ ਧਾਰਮਿਕ ਸਮਾਗਮ ਕਰਵਾਇਆ
ਸੰਗਰੂਰ, 29 ਮਾਰਚ (ਧੀਰਜ ਪਸ਼ੌਰੀਆ)-ਪੰਜਾਬ ਸਰਕਾਰ ਵਲੋਂ ਖੇਤੀ ਨੀਤੀ ਨੂੰ ਲੈ ਕੇ ਕਿਸਾਨ ਜਥੇਬੰਦੀਆਂ ਵਿਚ ਰੋਸ ਹੈ। ਭਾਰਤੀ ਕਿਸਾਨ ਯੂਨੀਅਨ ਏਕਤਾ ਉਗਰਾਹਾਂ ਦੇ ਸੂਬਾ ਪ੍ਰਧਾਨ ਨੇ ਕਿਹਾ ਕਿ ਸਰਕਾਰ ਆਪਣੀ ਖੇਤੀ ਨੀਤੀ ਤੁਰੰਤ ਜਨਤਕ ਕਰੇ ਤਾਂ ਜੋ ਕਿਸਾਨਾਂ ਨੂੰ ਪਤਾ ਲੱਗ ਸਕੇ। ਇਸ ਮੌਕੇ ਵੱਡੀ ਗਿਣਤੀ ਵਿਚ ਕਿਸਾਨ ਹਾਜ਼ਰ ਸਨ ਅਤੇ ਉਨ੍ਹਾਂ ਨੇ ਸਰਕਾਰ ਵਿਰੁੱਧ ਨਾਅਰੇਬਾਜ਼ੀ ਕੀਤੀ।
ਸੰਗਰੂਰ, 29 ਮਾਰਚ (ਧੀਰਜ ਪਸ਼ੌਰੀਆ)-ਪੰਜਾਬ ਸਰਕਾਰ ਵਲੋਂ ਖੇਤੀ ਨੀਤੀ ਨੂੰ ਲੈ ਕੇ ਕਿਸਾਨ ਜਥੇਬੰਦੀਆਂ ਵਿਚ ਰੋਸ ਹੈ। ਭਾਰਤੀ ਕਿਸਾਨ ਯੂਨੀਅਨ ਏਕਤਾ ਉਗਰਾਹਾਂ ਦੇ ਸੂਬਾ ਪ੍ਰਧਾਨ ਨੇ ਕਿਹਾ ਕਿ ਸਰਕਾਰ ਆਪਣੀ ਖੇਤੀ ਨੀਤੀ ਤੁਰੰਤ ਜਨਤਕ ਕਰੇ ਤਾਂ ਜੋ ਕਿਸਾਨਾਂ ਨੂੰ ਪਤਾ ਲੱਗ ਸਕੇ। ਇਸ ਮੌਕੇ ਵੱਡੀ ਗਿਣਤੀ ਵਿਚ ਕਿਸਾਨ ਹਾਜ਼ਰ ਸਨ ਅਤੇ ਉਨ੍ਹਾਂ ਨੇ ਸਰਕਾਰ ਵਿਰੁੱਧ ਨਾਅਰੇਬਾਜ਼ੀ ਕੀਤੀ।
ਸੰਗਰੂਰ, 29 ਮਾਰਚ (ਧੀਰਜ ਪਸ਼ੌਰੀਆ)-ਪੰਜਾਬ ਸਰਕਾਰ ਵਲੋਂ ਖੇਤੀ ਨੀਤੀ ਨੂੰ ਲੈ ਕੇ ਕਿਸਾਨ ਜਥੇਬੰਦੀਆਂ ਵਿਚ ਰੋਸ ਹੈ। ਭਾਰਤੀ ਕਿਸਾਨ ਯੂਨੀਅਨ ਏਕਤਾ ਉਗਰਾਹਾਂ ਦੇ ਸੂਬਾ ਪ੍ਰਧਾਨ ਨੇ ਕਿਹਾ ਕਿ ਸਰਕਾਰ ਆਪਣੀ ਖੇਤੀ ਨੀਤੀ ਤੁਰੰਤ ਜਨਤਕ ਕਰੇ ਤਾਂ ਜੋ ਕਿਸਾਨਾਂ ਨੂੰ ਪਤਾ ਲੱਗ ਸਕੇ। ਇਸ ਮੌਕੇ ਵੱਡੀ ਗਿਣਤੀ ਵਿਚ ਕਿਸਾਨ ਹਾਜ਼ਰ ਸਨ ਅਤੇ ਉਨ੍ਹਾਂ ਨੇ ਸਰਕਾਰ ਵਿਰੁੱਧ ਨਾਅਰੇਬਾਜ਼ੀ ਕੀਤੀ।
ਸੰਗਰੂਰ, 29 ਮਾਰਚ (ਧੀਰਜ ਪਸ਼ੌਰੀਆ)-ਪੰਜਾਬ ਸਰਕਾਰ ਵਲੋਂ ਖੇਤੀ ਨੀਤੀ ਨੂੰ ਲੈ ਕੇ ਕਿਸਾਨ ਜਥੇਬੰਦੀਆਂ ਵਿਚ ਰੋਸ ਹੈ। ਭਾਰਤੀ ਕਿਸਾਨ ਯੂਨੀਅਨ ਏਕਤਾ ਉਗਰਾਹਾਂ ਦੇ ਸੂਬਾ ਪ੍ਰਧਾਨ ਨੇ ਕਿਹਾ ਕਿ ਸਰਕਾਰ ਆਪਣੀ ਖੇਤੀ ਨੀਤੀ ਤੁਰੰਤ ਜਨਤਕ ਕਰੇ ਤਾਂ ਜੋ ਕਿਸਾਨਾਂ ਨੂੰ ਪਤਾ ਲੱਗ ਸਕੇ। ਇਸ ਮੌਕੇ ਵੱਡੀ ਗਿਣਤੀ ਵਿਚ ਕਿਸਾਨ ਹਾਜ਼ਰ ਸਨ ਅਤੇ ਉਨ੍ਹਾਂ ਨੇ ਸਰਕਾਰ ਵਿਰੁੱਧ ਨਾਅਰੇਬਾਜ਼ੀ ਕੀਤੀ।
ਸੰਗਰੂਰ, 29 ਮਾਰਚ (ਧੀਰਜ ਪਸ਼ੌਰੀਆ)-ਪੰਜਾਬ ਸਰਕਾਰ ਵਲੋਂ ਖੇਤੀ ਨੀਤੀ ਨੂੰ ਲੈ ਕੇ ਕਿਸਾਨ ਜਥੇਬੰਦੀਆਂ ਵਿਚ ਰੋਸ ਹੈ। ਭਾਰਤੀ ਕਿਸਾਨ ਯੂਨੀਅਨ ਏਕਤਾ ਉਗਰਾਹਾਂ ਦੇ ਸੂਬਾ ਪ੍ਰਧਾਨ ਨੇ ਕਿਹਾ ਕਿ ਸਰਕਾਰ ਆਪਣੀ ਖੇਤੀ ਨੀਤੀ ਤੁਰੰਤ ਜਨਤਕ ਕਰੇ ਤਾਂ ਜੋ ਕਿਸਾਨਾਂ ਨੂੰ ਪਤਾ ਲੱਗ ਸਕੇ। ਇਸ ਮੌਕੇ ਵੱਡੀ ਗਿਣਤੀ ਵਿਚ ਕਿਸਾਨ ਹਾਜ਼ਰ ਸਨ ਅਤੇ ਉਨ੍ਹਾਂ ਨੇ ਸਰਕਾਰ ਵਿਰੁੱਧ ਨਾਅਰੇਬਾਜ਼ੀ ਕੀਤੀ।
ਸੰਗਰੂਰ, 29 ਮਾਰਚ (ਧੀਰਜ ਪਸ਼ੌਰੀਆ)-ਪੰਜਾਬ ਸਰਕਾਰ ਵਲੋਂ ਖੇਤੀ ਨੀਤੀ ਨੂੰ ਲੈ ਕੇ ਕਿਸਾਨ ਜਥੇਬੰਦੀਆਂ ਵਿਚ ਰੋਸ ਹੈ। ਭਾਰਤੀ ਕਿਸਾਨ ਯੂਨੀਅਨ ਏਕਤਾ ਉਗਰਾਹਾਂ ਦੇ ਸੂਬਾ ਪ੍ਰਧਾਨ ਨੇ ਕਿਹਾ ਕਿ ਸਰਕਾਰ ਆਪਣੀ ਖੇਤੀ ਨੀਤੀ ਤੁਰੰਤ ਜਨਤਕ ਕਰੇ ਤਾਂ ਜੋ ਕਿਸਾਨਾਂ ਨੂੰ ਪਤਾ ਲੱਗ ਸਕੇ। ਇਸ ਮੌਕੇ ਵੱਡੀ ਗਿਣਤੀ ਵਿਚ ਕਿਸਾਨ ਹਾਜ਼ਰ ਸਨ ਅਤੇ ਉਨ੍ਹਾਂ ਨੇ ਸਰਕਾਰ ਵਿਰੁੱਧ ਨਾਅਰੇਬਾਜ਼ੀ ਕੀਤੀ।
ਸੰਗਰੂਰ, 29 ਮਾਰਚ (ਧੀਰਜ ਪਸ਼ੌਰੀਆ)-ਪੰਜਾਬ ਸਰਕਾਰ ਵਲੋਂ ਖੇਤੀ ਨੀਤੀ ਨੂੰ ਲੈ ਕੇ ਕਿਸਾਨ ਜਥੇਬੰਦੀਆਂ ਵਿਚ ਰੋਸ ਹੈ। ਭਾਰਤੀ ਕਿਸਾਨ ਯੂਨੀਅਨ ਏਕਤਾ ਉਗਰਾਹਾਂ ਦੇ ਸੂਬਾ ਪ੍ਰਧਾਨ ਨੇ ਕਿਹਾ ਕਿ ਸਰਕਾਰ ਆਪਣੀ ਖੇਤੀ ਨੀਤੀ ਤੁਰੰਤ ਜਨਤਕ ਕਰੇ ਤਾਂ ਜੋ ਕਿਸਾਨਾਂ ਨੂੰ ਪਤਾ ਲੱਗ ਸਕੇ। ਇਸ ਮੌਕੇ ਵੱਡੀ ਗਿਣਤੀ ਵਿਚ ਕਿਸਾਨ ਹਾਜ਼ਰ ਸਨ ਅਤੇ ਉਨ੍ਹਾਂ ਨੇ ਸਰਕਾਰ ਵਿਰੁੱਧ ਨਾਅਰੇਬਾਜ਼ੀ ਕੀਤੀ।
ਸੰਗਰੂਰ, 29 ਮਾਰਚ (ਧੀਰਜ ਪਸ਼ੌਰੀਆ)-ਪੰਜਾਬ ਸਰਕਾਰ ਵਲੋਂ ਖੇਤੀ ਨੀਤੀ ਨੂੰ ਲੈ ਕੇ ਕਿਸਾਨ ਜਥੇਬੰਦੀਆਂ ਵਿਚ ਰੋਸ ਹੈ। ਭਾਰਤੀ ਕਿਸਾਨ ਯੂਨੀਅਨ ਏਕਤਾ ਉਗਰਾਹਾਂ ਦੇ ਸੂਬਾ ਪ੍ਰਧਾਨ ਨੇ ਕਿਹਾ ਕਿ ਸਰਕਾਰ ਆਪਣੀ ਖੇਤੀ ਨੀਤੀ ਤੁਰੰਤ ਜਨਤਕ ਕਰੇ ਤਾਂ ਜੋ ਕਿਸਾਨਾਂ ਨੂੰ ਪਤਾ ਲੱਗ ਸਕੇ। ਇਸ ਮੌਕੇ ਵੱਡੀ ਗਿਣਤੀ ਵਿਚ ਕਿਸਾਨ ਹਾਜ਼ਰ ਸਨ ਅਤੇ ਉਨ੍ਹਾਂ ਨੇ ਸਰਕਾਰ ਵਿਰੁੱਧ ਨਾਅਰੇਬਾਜ਼ੀ ਕੀਤੀ।
S9 ME Page 8 Ajit 8
